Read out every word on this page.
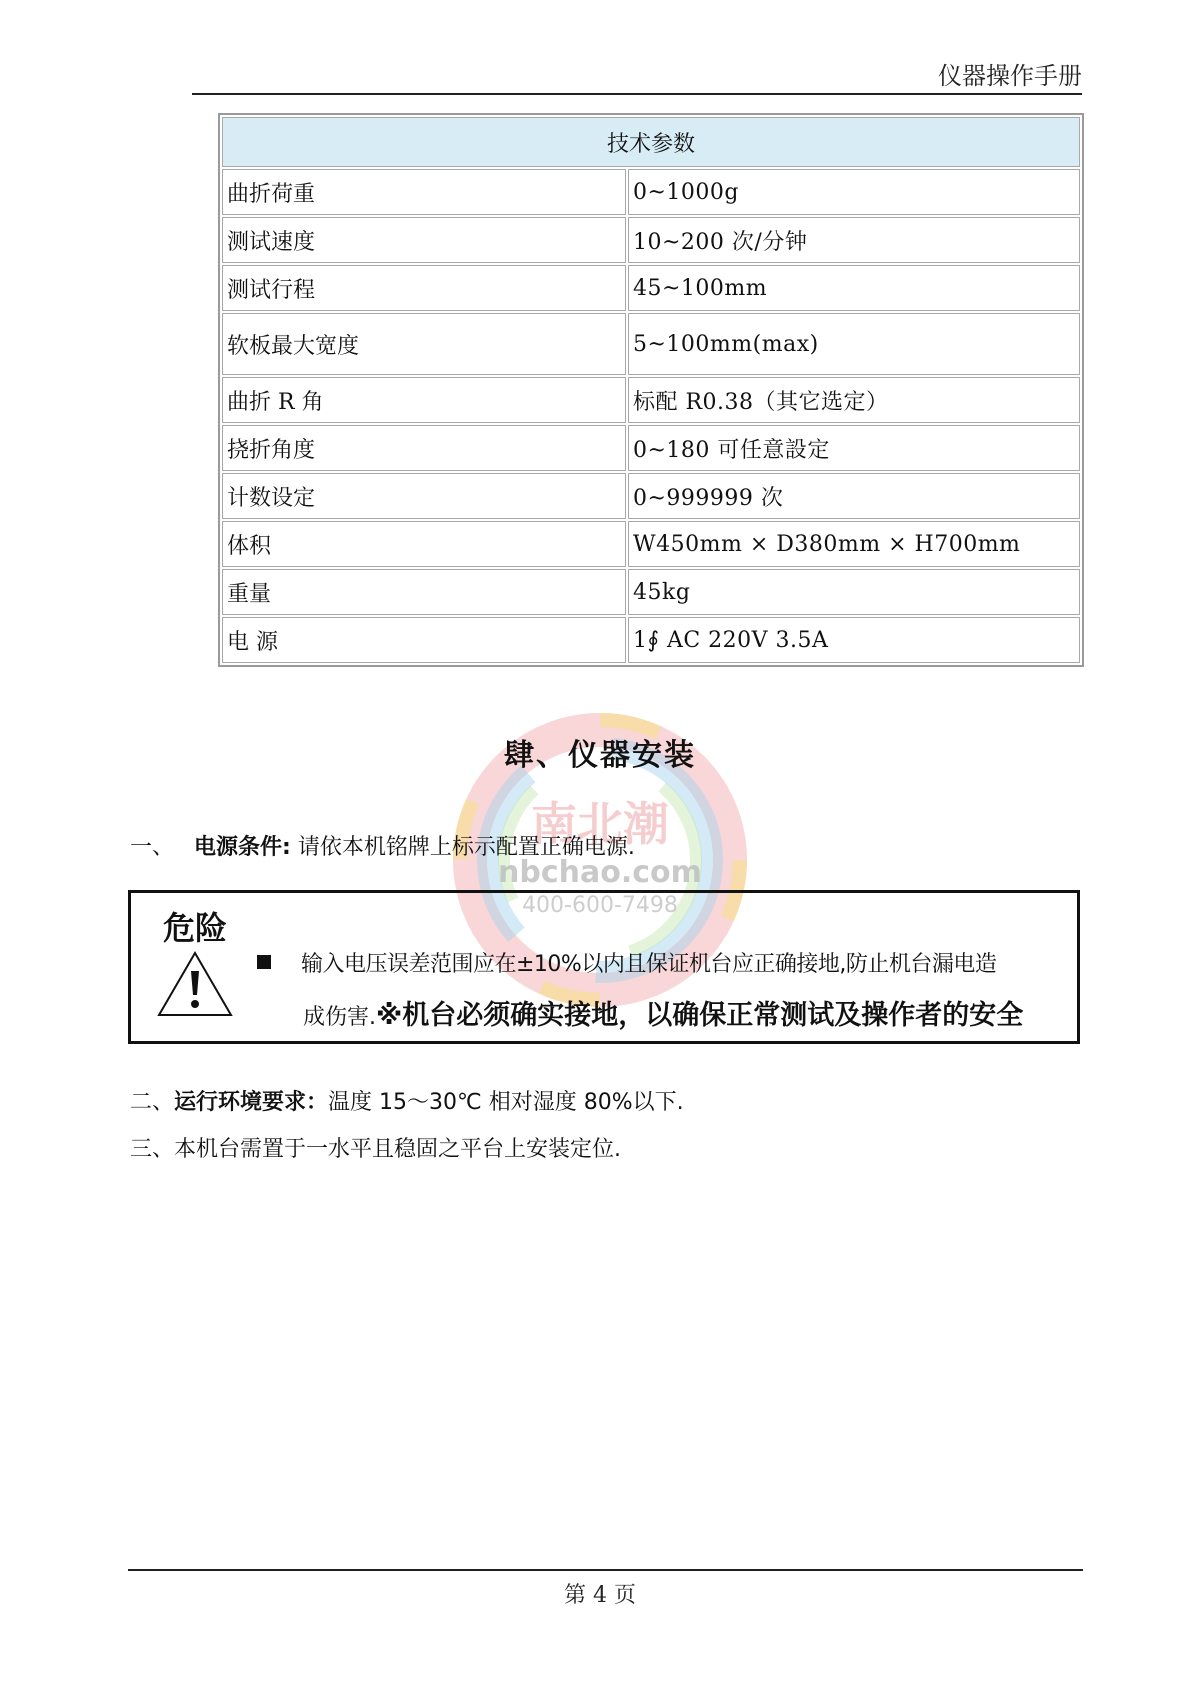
仪器操作手册
技术参数	
曲折荷重	0~1000g
测试速度	10~200 次/分钟
测试行程	45~100mm
软板最大宽度	5~100mm(max)
曲折 R 角	标配 R0.38（其它选定）
挠折角度	0~180 可任意設定
计数设定	0~999999 次
体积	W450mm × D380mm × H700mm
重量	45kg
电 源	1∮ AC 220V 3.5A
南北潮
nbchao.com
400-600-7498
肆、仪器安装
一、 电源条件: 请依本机铭牌上标示配置正确电源.
危险
输入电压误差范围应在±10%以内且保证机台应正确接地,防止机台漏电造
成伤害.※机台必须确实接地，以确保正常测试及操作者的安全
二、运行环境要求：温度 15～30℃ 相对湿度 80%以下.
三、本机台需置于一水平且稳固之平台上安装定位.
第 4 页
